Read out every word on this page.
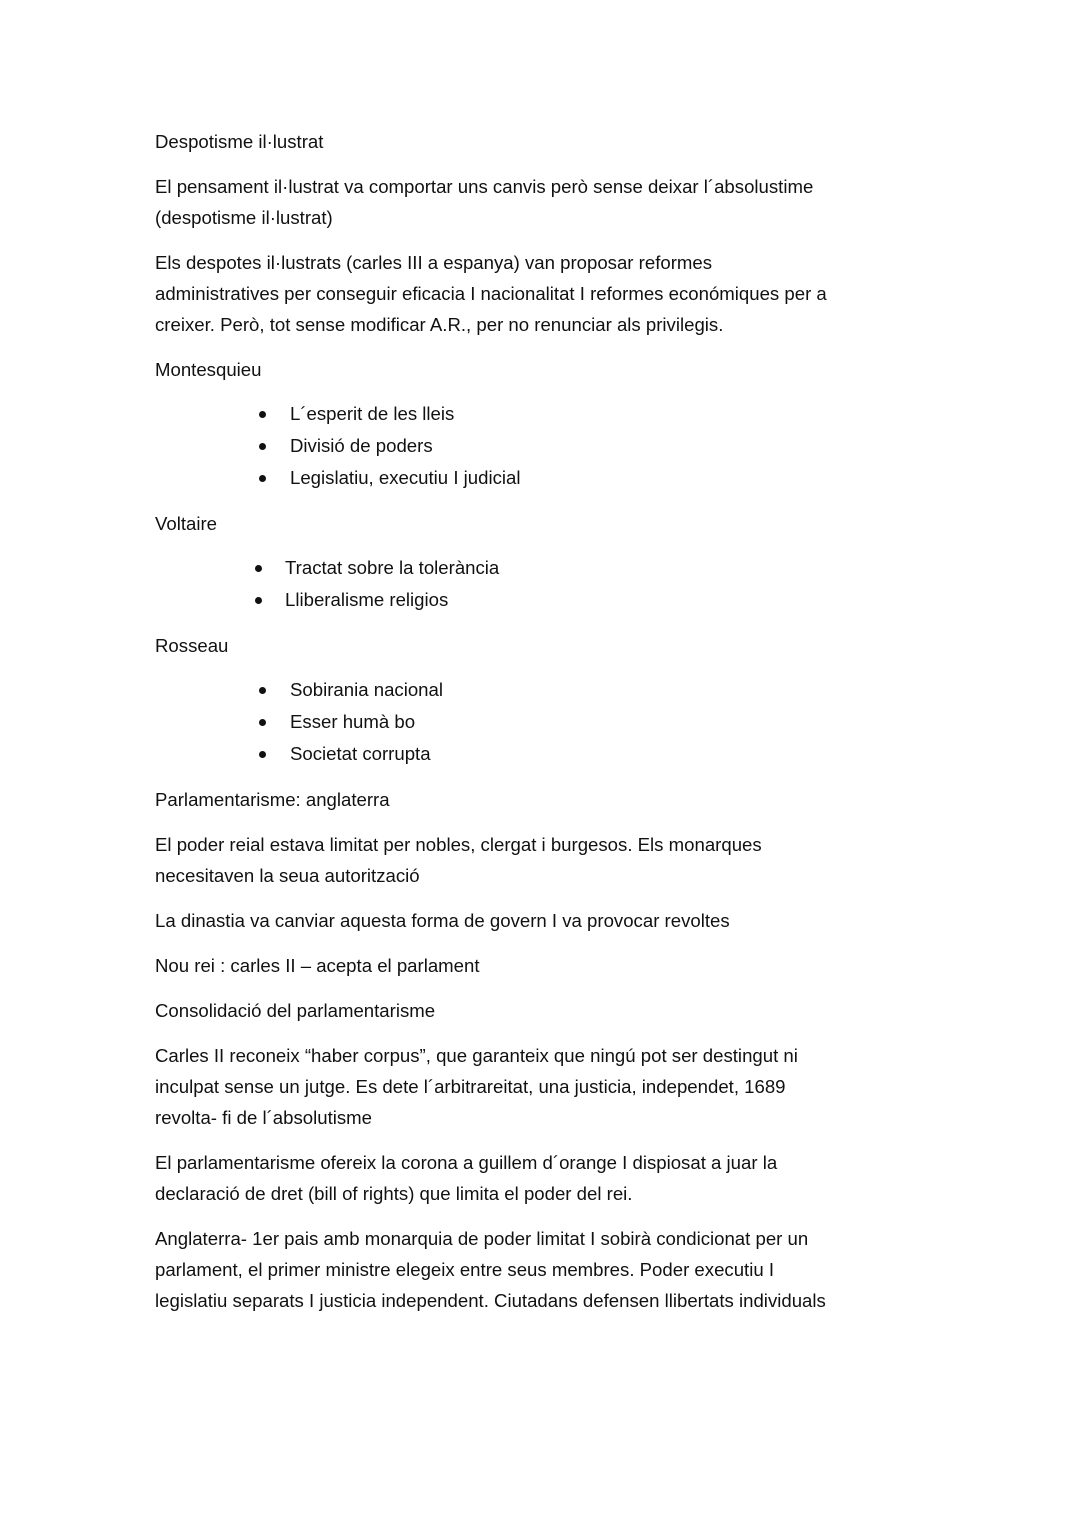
Despotisme il·lustrat

El pensament il·lustrat va comportar uns canvis però sense deixar l´absolustime
(despotisme il·lustrat)

Els despotes il·lustrats (carles III a espanya) van proposar reformes
administratives per conseguir eficacia I nacionalitat I reformes económiques per a
creixer. Però, tot sense modificar A.R., per no renunciar als privilegis.

Montesquieu

L´esperit de les lleis
Divisió de poders
Legislatiu, executiu I judicial

Voltaire

Tractat sobre la tolerància
Lliberalisme religios

Rosseau

Sobirania nacional
Esser humà bo
Societat corrupta

Parlamentarisme: anglaterra

El poder reial estava limitat per nobles, clergat i burgesos. Els monarques
necesitaven la seua autorització

La dinastia va canviar aquesta forma de govern I va provocar revoltes

Nou rei : carles II – acepta el parlament

Consolidació del parlamentarisme

Carles II reconeix “haber corpus”, que garanteix que ningú pot ser destingut ni
inculpat sense un jutge. Es dete l´arbitrareitat, una justicia, independet, 1689
revolta- fi de l´absolutisme

El parlamentarisme ofereix la corona a guillem d´orange I dispiosat a juar la
declaració de dret (bill of rights) que limita el poder del rei.

Anglaterra- 1er pais amb monarquia de poder limitat I sobirà condicionat per un
parlament, el primer ministre elegeix entre seus membres. Poder executiu I
legislatiu separats I justicia independent. Ciutadans defensen llibertats individuals
